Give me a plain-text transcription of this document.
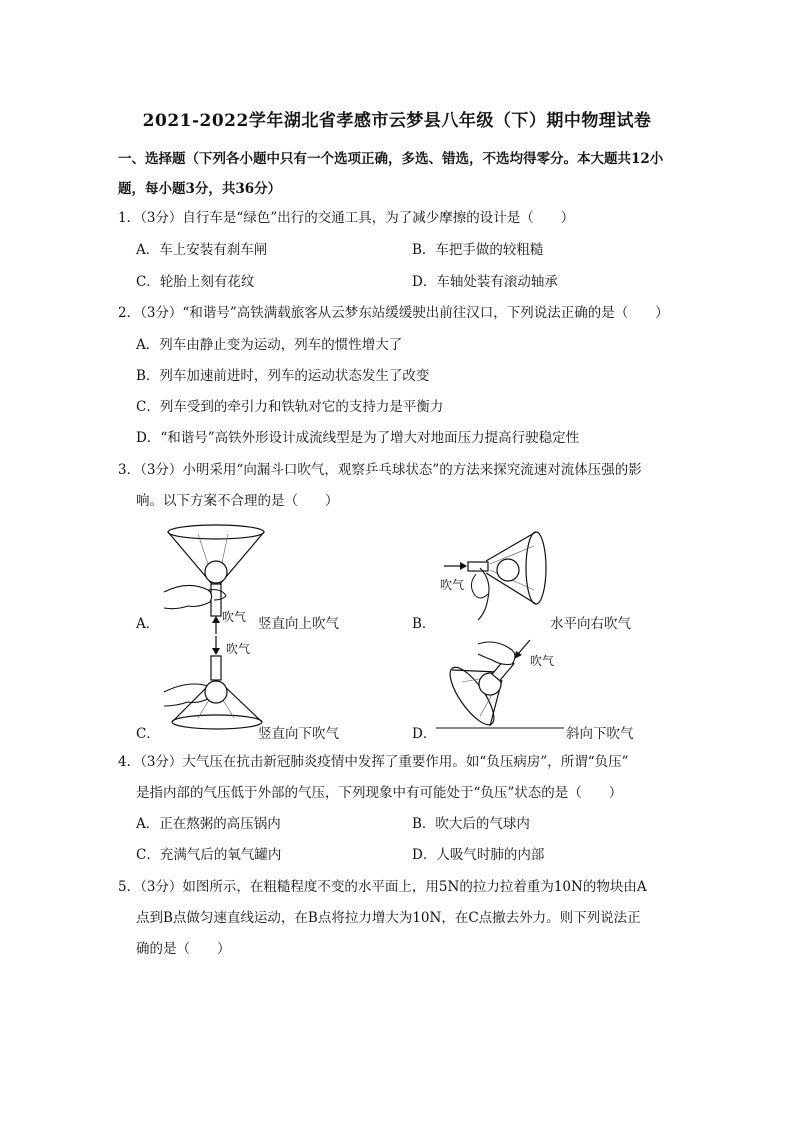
2021-2022学年湖北省孝感市云梦县八年级（下）期中物理试卷
一、选择题（下列各小题中只有一个选项正确，多选、错选，不选均得零分。本大题共12小题，每小题3分，共36分）
1．（3分）自行车是“绿色”出行的交通工具，为了减少摩擦的设计是（　　）
A．车上安装有刹车闸	B．车把手做的较粗糙
C．轮胎上刻有花纹	D．车轴处装有滚动轴承
2．（3分）“和谐号”高铁满载旅客从云梦东站缓缓驶出前往汉口，下列说法正确的是（　　）
A．列车由静止变为运动，列车的惯性增大了
B．列车加速前进时，列车的运动状态发生了改变
C．列车受到的牵引力和铁轨对它的支持力是平衡力
D．“和谐号”高铁外形设计成流线型是为了增大对地面压力提高行驶稳定性
3．（3分）小明采用“向漏斗口吹气，观察乒乓球状态”的方法来探究流速对流体压强的影
响。以下方案不合理的是（　　）
吹气
A．	竖直向上吹气
吹气
B．	水平向右吹气
吹气
C．	竖直向下吹气
吹气
D．	斜向下吹气
4．（3分）大气压在抗击新冠肺炎疫情中发挥了重要作用。如“负压病房”，所谓“负压”
是指内部的气压低于外部的气压，下列现象中有可能处于“负压”状态的是（　　）
A．正在熬粥的高压锅内	B．吹大后的气球内
C．充满气后的氧气罐内	D．人吸气时肺的内部
5．（3分）如图所示，在粗糙程度不变的水平面上，用5N的拉力拉着重为10N的物块由A
点到B点做匀速直线运动，在B点将拉力增大为10N，在C点撤去外力。则下列说法正
确的是（　　）
